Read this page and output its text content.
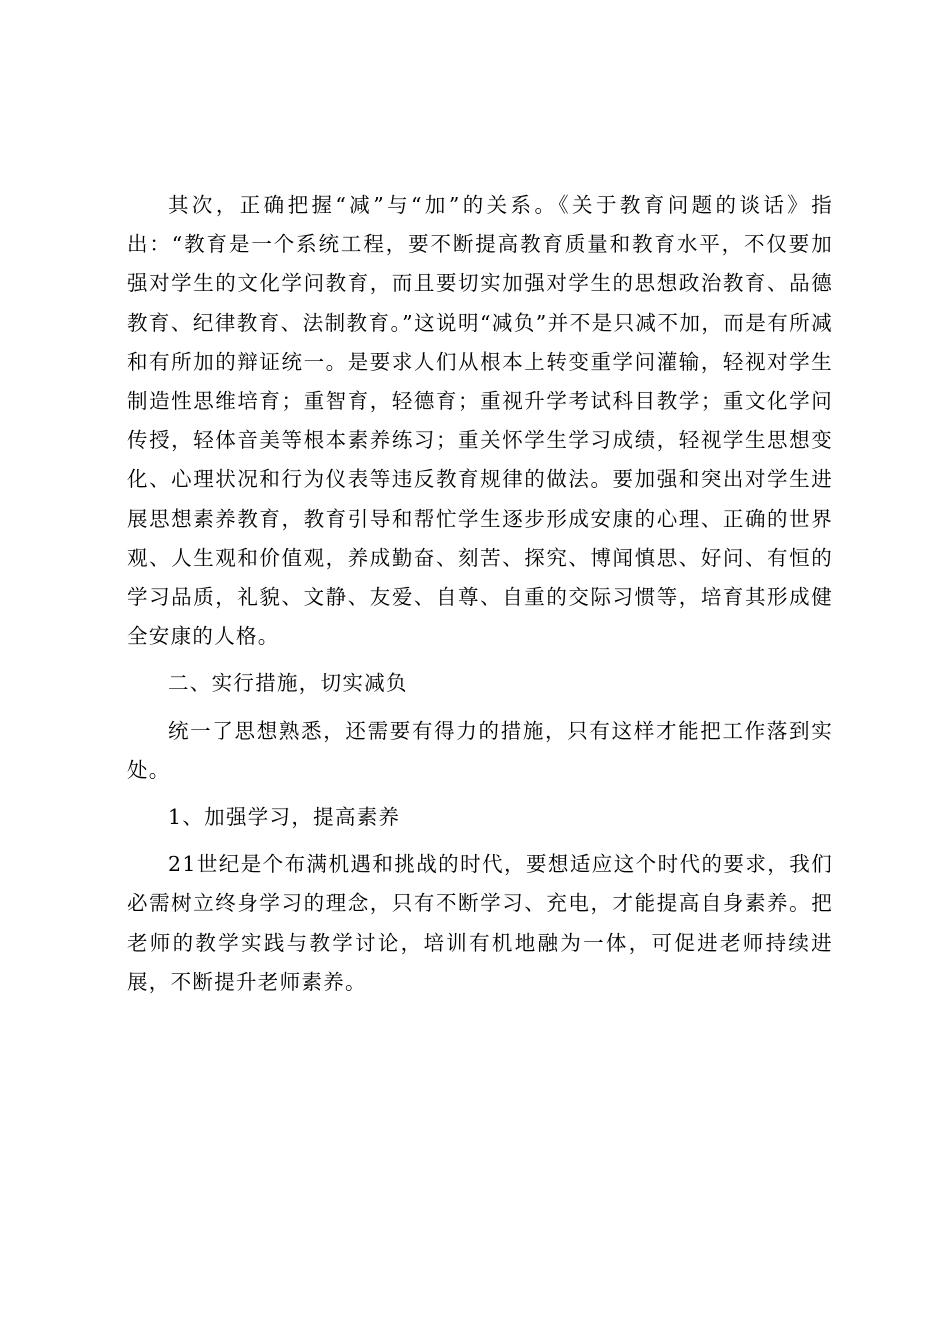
其次，正确把握“减”与“加”的关系。《关于教育问题的谈话》指出：“教育是一个系统工程，要不断提高教育质量和教育水平，不仅要加强对学生的文化学问教育，而且要切实加强对学生的思想政治教育、品德教育、纪律教育、法制教育。”这说明“减负”并不是只减不加，而是有所减和有所加的辩证统一。是要求人们从根本上转变重学问灌输，轻视对学生制造性思维培育；重智育，轻德育；重视升学考试科目教学；重文化学问传授，轻体音美等根本素养练习；重关怀学生学习成绩，轻视学生思想变化、心理状况和行为仪表等违反教育规律的做法。要加强和突出对学生进展思想素养教育，教育引导和帮忙学生逐步形成安康的心理、正确的世界观、人生观和价值观，养成勤奋、刻苦、探究、博闻慎思、好问、有恒的学习品质，礼貌、文静、友爱、自尊、自重的交际习惯等，培育其形成健全安康的人格。

二、实行措施，切实减负

统一了思想熟悉，还需要有得力的措施，只有这样才能把工作落到实处。

1、加强学习，提高素养

21世纪是个布满机遇和挑战的时代，要想适应这个时代的要求，我们必需树立终身学习的理念，只有不断学习、充电，才能提高自身素养。把老师的教学实践与教学讨论，培训有机地融为一体，可促进老师持续进展，不断提升老师素养。
